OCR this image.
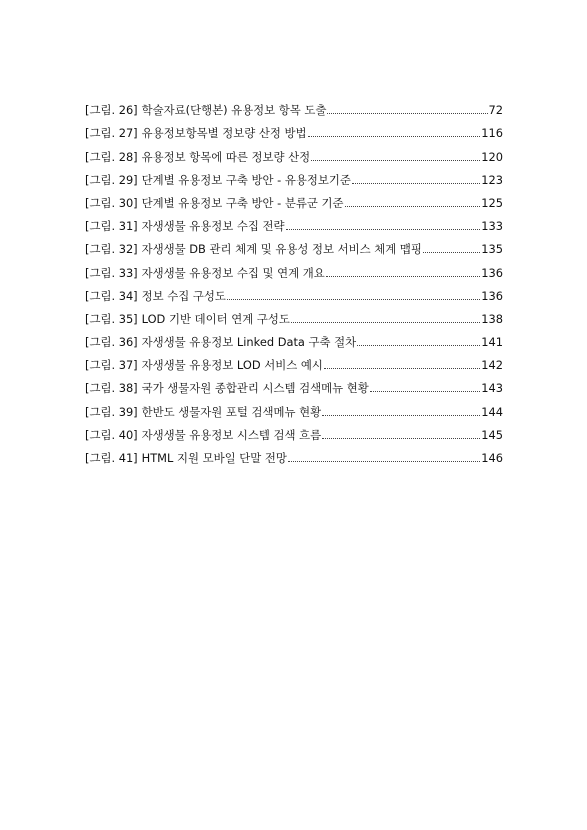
[그림. 26] 학술자료(단행본) 유용정보 항목 도출	72
[그림. 27] 유용정보항목별 정보량 산정 방법	116
[그림. 28] 유용정보 항목에 따른 정보량 산정	120
[그림. 29] 단계별 유용정보 구축 방안 - 유용정보기준	123
[그림. 30] 단계별 유용정보 구축 방안 - 분류군 기준	125
[그림. 31] 자생생물 유용정보 수집 전략	133
[그림. 32] 자생생물 DB 관리 체계 및 유용성 정보 서비스 체계 맵핑	135
[그림. 33] 자생생물 유용정보 수집 및 연계 개요	136
[그림. 34] 정보 수집 구성도	136
[그림. 35] LOD 기반 데이터 연계 구성도	138
[그림. 36] 자생생물 유용정보 Linked Data 구축 절차	141
[그림. 37] 자생생물 유용정보 LOD 서비스 예시	142
[그림. 38] 국가 생물자원 종합관리 시스템 검색메뉴 현황	143
[그림. 39] 한반도 생물자원 포털 검색메뉴 현황	144
[그림. 40] 자생생물 유용정보 시스템 검색 흐름	145
[그림. 41] HTML 지원 모바일 단말 전망	146
